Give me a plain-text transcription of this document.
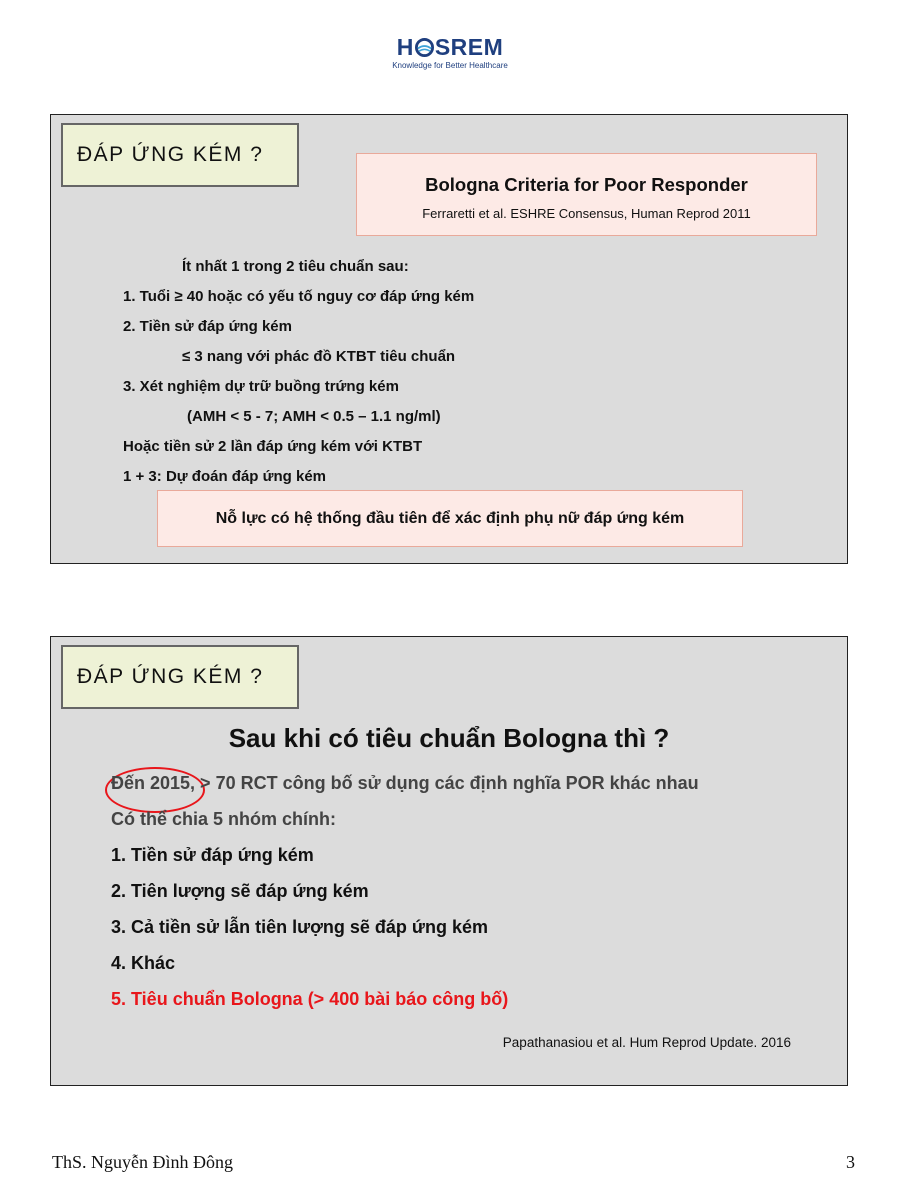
H SREM
Knowledge for Better Healthcare
ĐÁP ỨNG KÉM ?
Bologna Criteria for Poor Responder
Ferraretti et al. ESHRE Consensus, Human Reprod 2011
Ít nhất 1 trong 2 tiêu chuẩn sau:
1. Tuổi ≥ 40 hoặc có yếu tố nguy cơ đáp ứng kém
2. Tiền sử đáp ứng kém
≤ 3 nang với phác đồ KTBT tiêu chuẩn
3. Xét nghiệm dự trữ buồng trứng kém
(AMH < 5 - 7; AMH < 0.5 – 1.1 ng/ml)
Hoặc tiền sử 2 lần đáp ứng kém với KTBT
1 + 3: Dự đoán đáp ứng kém
Nỗ lực có hệ thống đầu tiên để xác định phụ nữ đáp ứng kém
ĐÁP ỨNG KÉM ?
Sau khi có tiêu chuẩn Bologna thì ?
Đến 2015, > 70 RCT công bố sử dụng các định nghĩa POR khác nhau
Có thể chia 5 nhóm chính:
1. Tiền sử đáp ứng kém
2. Tiên lượng sẽ đáp ứng kém
3. Cả tiền sử lẫn tiên lượng sẽ đáp ứng kém
4. Khác
5. Tiêu chuẩn Bologna (> 400 bài báo công bố)
Papathanasiou et al. Hum Reprod Update. 2016
ThS. Nguyễn Đình Đông	3
